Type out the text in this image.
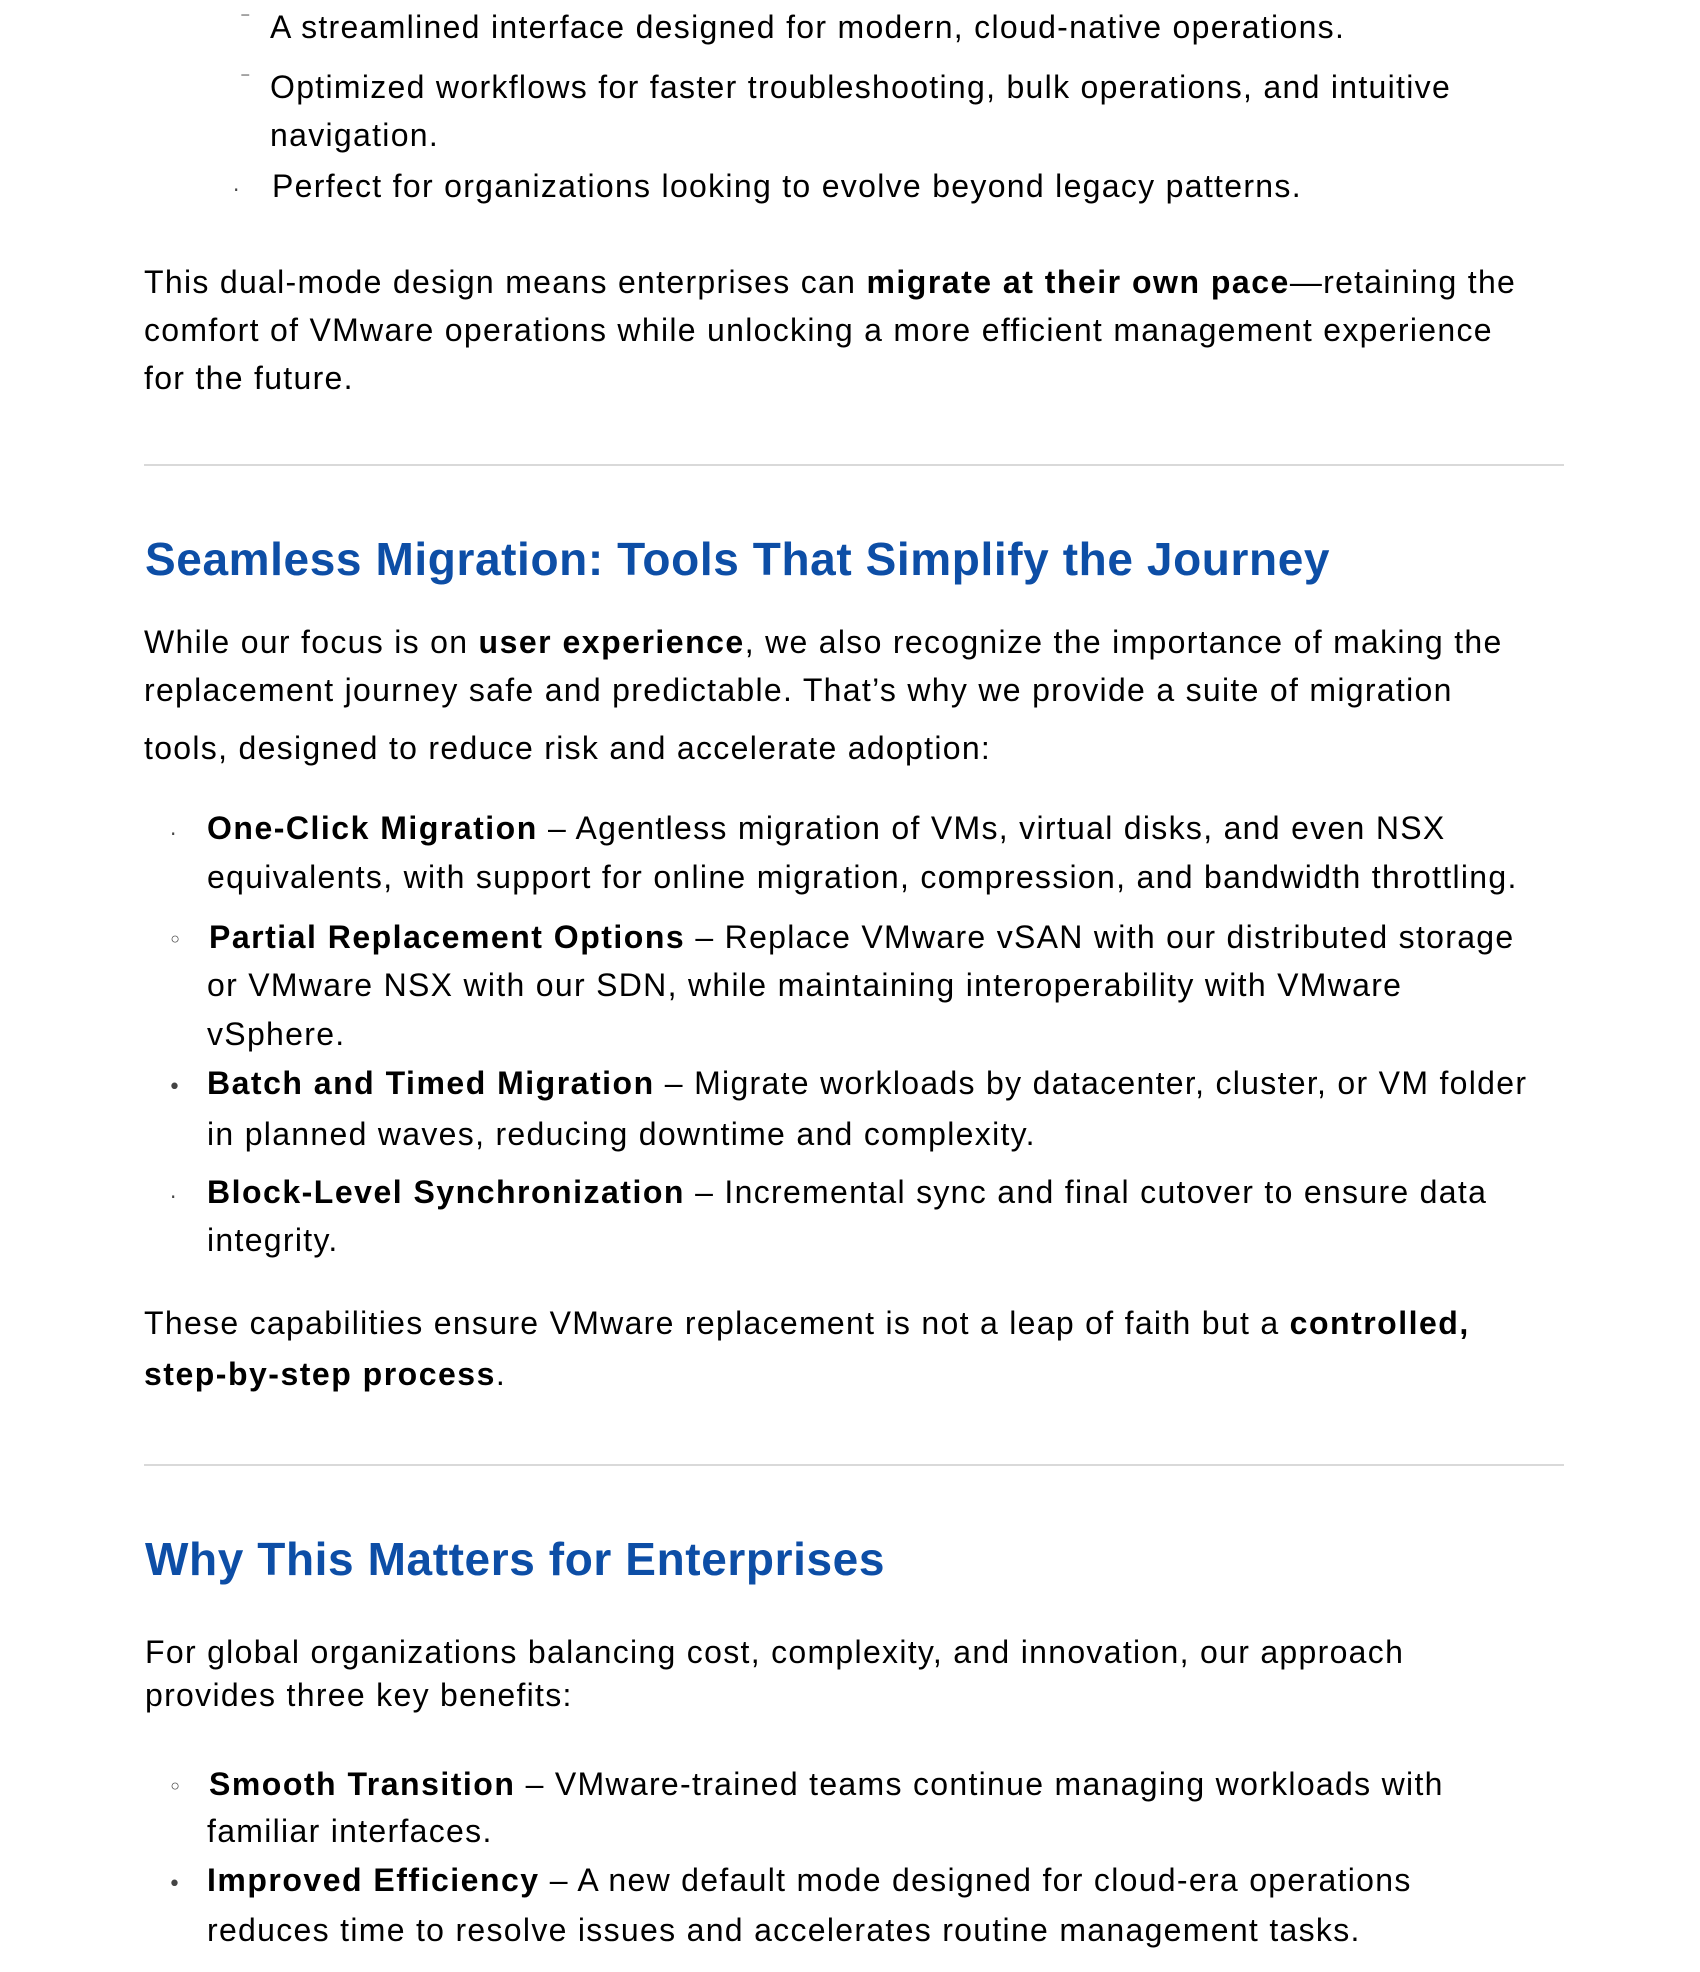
⁻ A streamlined interface designed for modern, cloud-native operations.
⁻ Optimized workflows for faster troubleshooting, bulk operations, and intuitive
navigation.
· Perfect for organizations looking to evolve beyond legacy patterns.
This dual-mode design means enterprises can migrate at their own pace—retaining the
comfort of VMware operations while unlocking a more efficient management experience
for the future.
Seamless Migration: Tools That Simplify the Journey
While our focus is on user experience, we also recognize the importance of making the
replacement journey safe and predictable. That’s why we provide a suite of migration
tools, designed to reduce risk and accelerate adoption:
· One-Click Migration – Agentless migration of VMs, virtual disks, and even NSX
equivalents, with support for online migration, compression, and bandwidth throttling.
◦ Partial Replacement Options – Replace VMware vSAN with our distributed storage
or VMware NSX with our SDN, while maintaining interoperability with VMware
vSphere.
• Batch and Timed Migration – Migrate workloads by datacenter, cluster, or VM folder
in planned waves, reducing downtime and complexity.
· Block-Level Synchronization – Incremental sync and final cutover to ensure data
integrity.
These capabilities ensure VMware replacement is not a leap of faith but a controlled,
step-by-step process.
Why This Matters for Enterprises
For global organizations balancing cost, complexity, and innovation, our approach
provides three key benefits:
◦ Smooth Transition – VMware-trained teams continue managing workloads with
familiar interfaces.
• Improved Efficiency – A new default mode designed for cloud-era operations
reduces time to resolve issues and accelerates routine management tasks.
